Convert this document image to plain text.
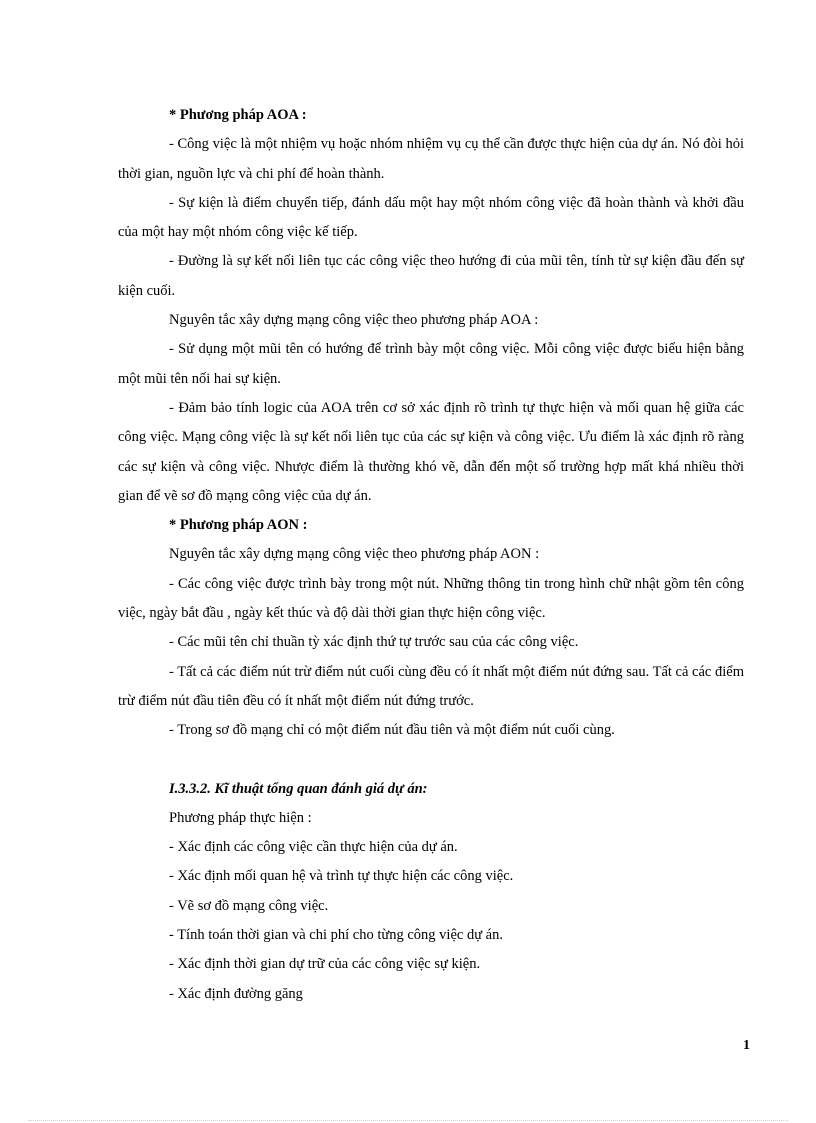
* Phương pháp AOA :

- Công việc là một nhiệm vụ hoặc nhóm nhiệm vụ cụ thể cần được thực hiện của dự án. Nó đòi hỏi thời gian, nguồn lực và chi phí để hoàn thành.

- Sự kiện là điểm chuyển tiếp, đánh dấu một hay một nhóm công việc đã hoàn thành và khởi đầu của một hay một nhóm công việc kế tiếp.

- Đường là sự kết nối liên tục các công việc theo hướng đi của mũi tên, tính từ sự kiện đầu đến sự kiện cuối.

Nguyên tắc xây dựng mạng công việc theo phương pháp AOA :

- Sử dụng một mũi tên có hướng để trình bày một công việc. Mỗi công việc được biểu hiện bằng một mũi tên nối hai sự kiện.

- Đảm bảo tính logic của AOA trên cơ sở xác định rõ trình tự thực hiện và mối quan hệ giữa các công việc. Mạng công việc là sự kết nối liên tục của các sự kiện và công việc. Ưu điểm là xác định rõ ràng các sự kiện và công việc. Nhược điểm là thường khó vẽ, dẫn đến một số trường hợp mất khá nhiều thời gian để vẽ sơ đồ mạng công việc của dự án.

* Phương pháp AON :

Nguyên tắc xây dựng mạng công việc theo phương pháp AON :

- Các công việc được trình bày trong một nút. Những thông tin trong hình chữ nhật gồm tên công việc, ngày bắt đầu , ngày kết thúc và độ dài thời gian thực hiện công việc.

- Các mũi tên chỉ thuần tỳ xác định thứ tự trước sau của các công việc.

- Tất cả các điểm nút trừ điểm nút cuối cùng đều có ít nhất một điểm nút đứng sau. Tất cả các điểm trừ điểm nút đầu tiên đều có ít nhất một điểm nút đứng trước.

- Trong sơ đồ mạng chỉ có một điểm nút đầu tiên và một điểm nút cuối cùng.

I.3.3.2. Kĩ thuật tổng quan đánh giá dự án:

Phương pháp thực hiện :

- Xác định các công việc cần thực hiện của dự án.

- Xác định mối quan hệ và trình tự thực hiện các công việc.

- Vẽ sơ đồ mạng công việc.

- Tính toán thời gian và chi phí cho từng công việc dự án.

- Xác định thời gian dự trữ của các công việc sự kiện.

- Xác định đường găng

1
